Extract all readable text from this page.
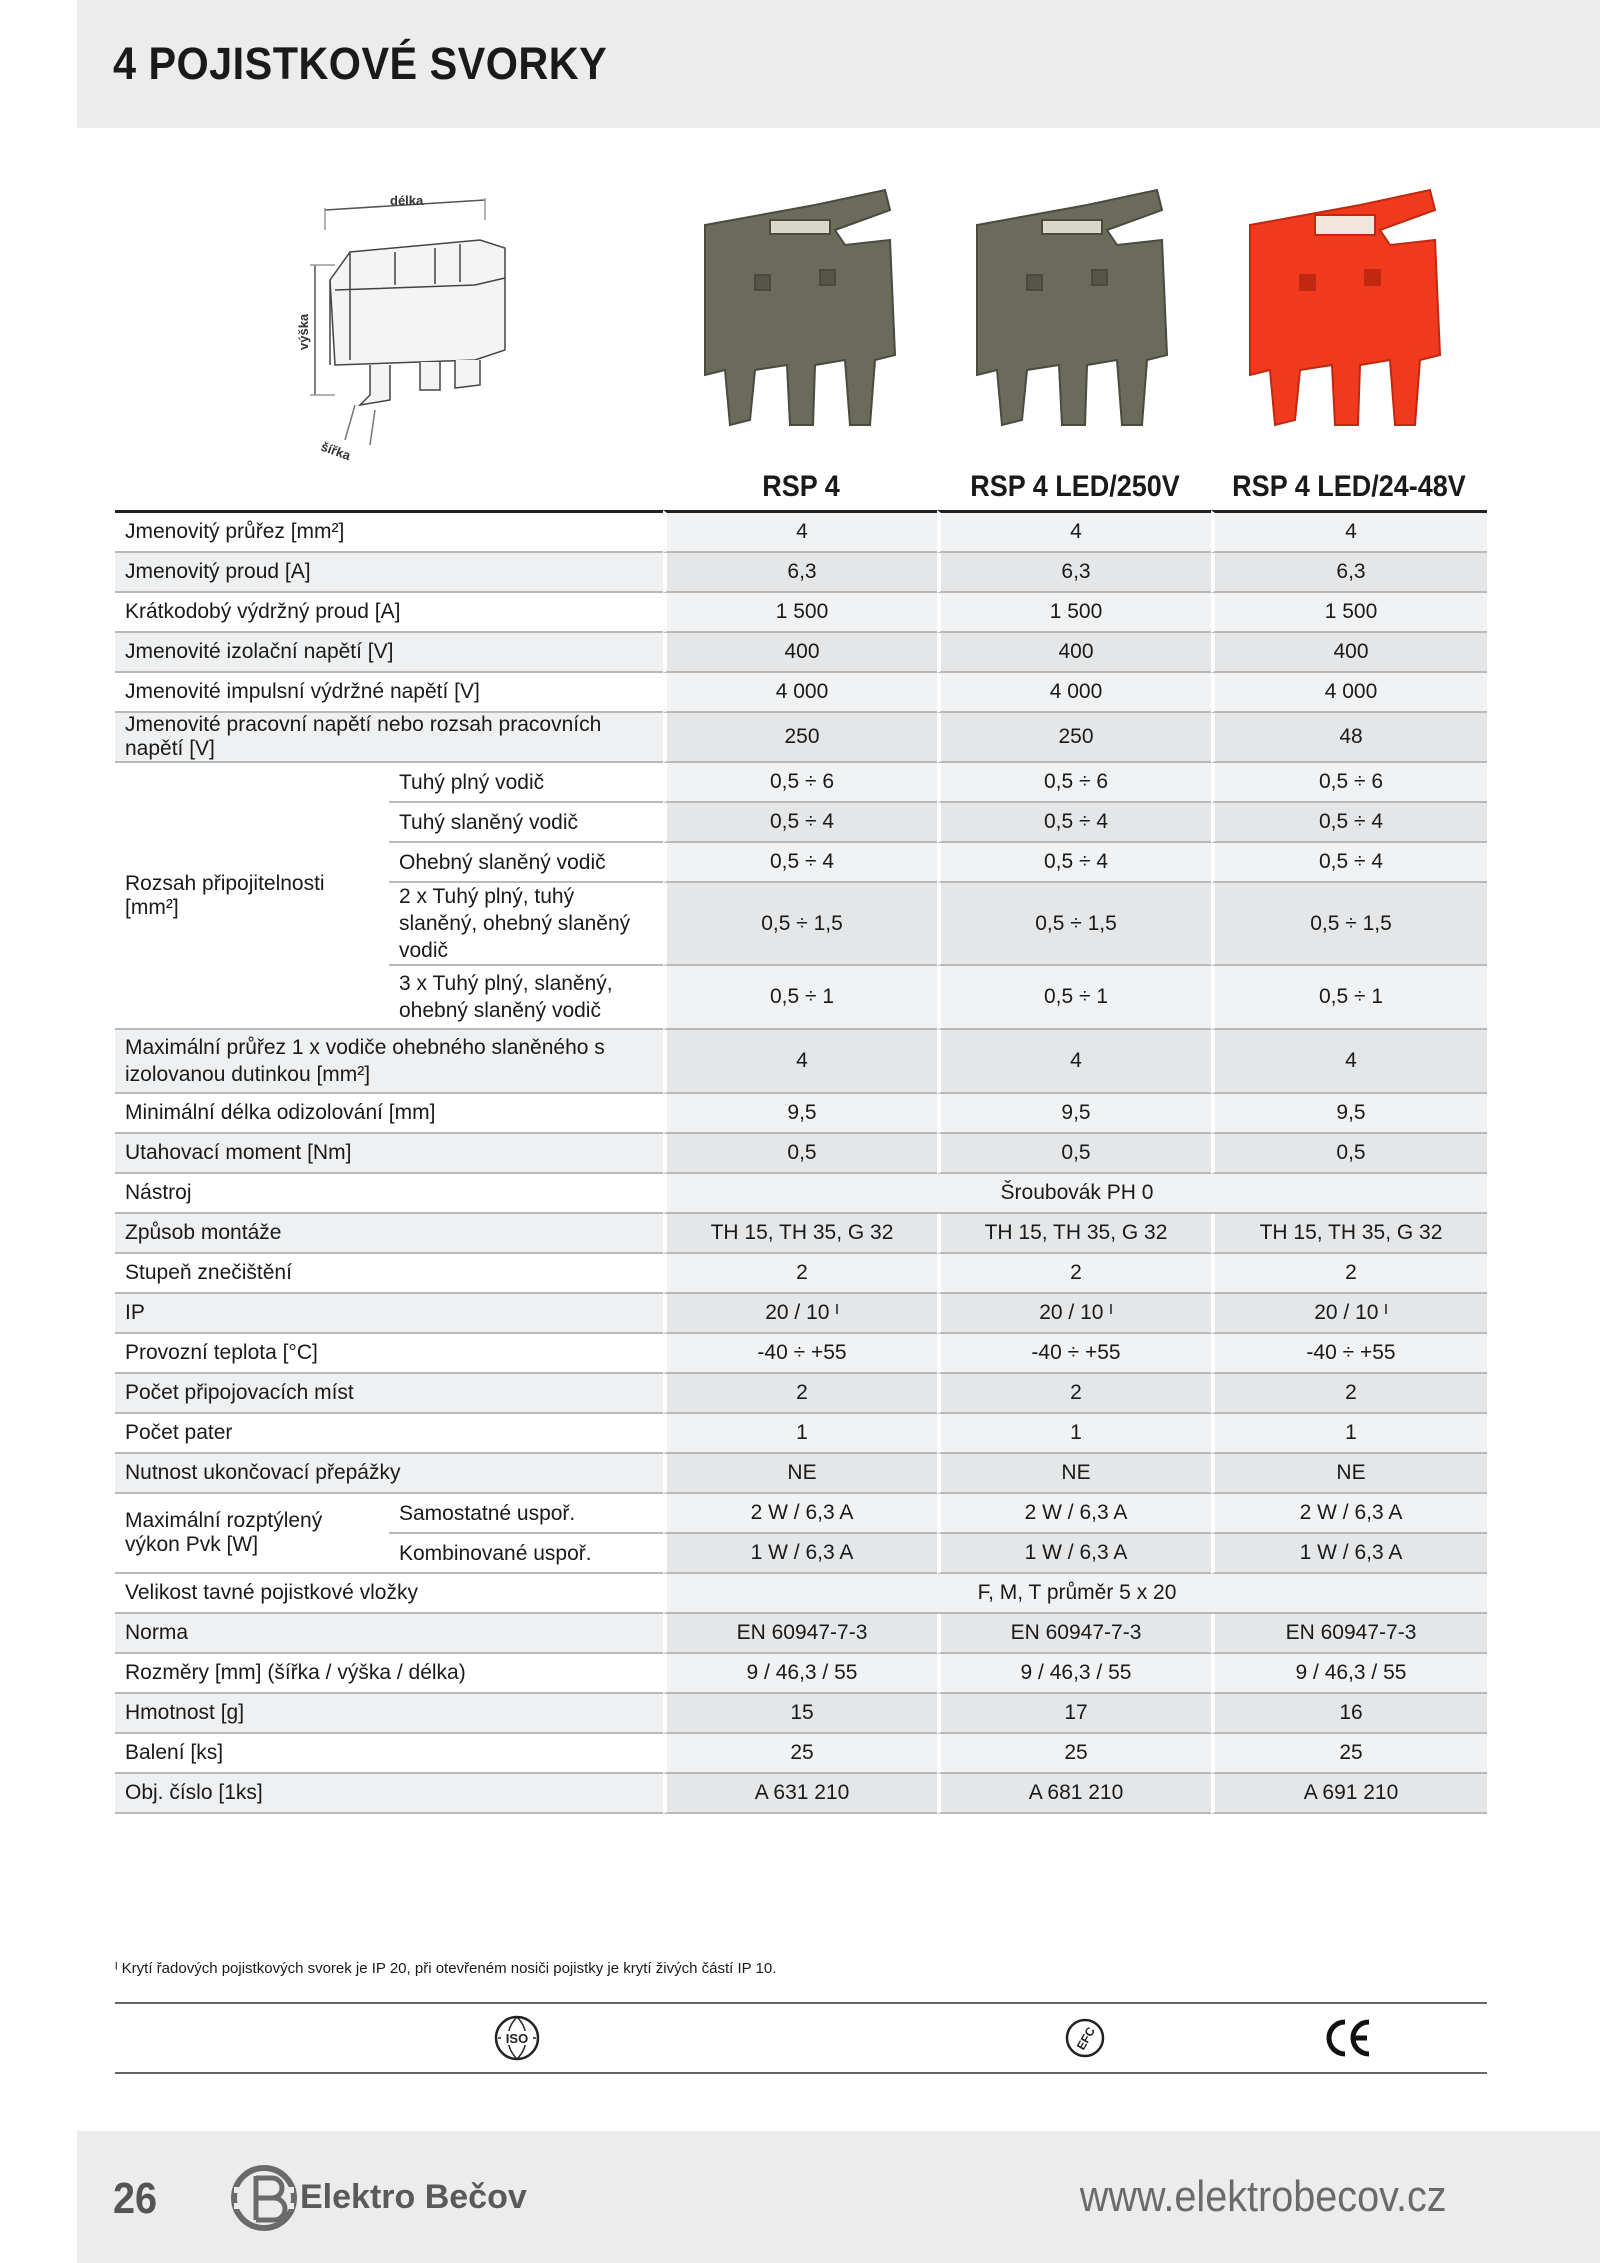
4 POJISTKOVÉ SVORKY
délka
výška
šířka
RSP 4	RSP 4 LED/250V	RSP 4 LED/24-48V
Jmenovitý průřez [mm²]		4	4	4
Jmenovitý proud [A]		6,3	6,3	6,3
Krátkodobý výdržný proud [A]		1 500	1 500	1 500
Jmenovité izolační napětí [V]		400	400	400
Jmenovité impulsní výdržné napětí [V]		4 000	4 000	4 000
Jmenovité pracovní napětí nebo rozsah pracovních napětí [V]		250	250	48
Rozsah připojitelnosti [mm²]	Tuhý plný vodič	0,5 ÷ 6	0,5 ÷ 6	0,5 ÷ 6
	Tuhý slaněný vodič	0,5 ÷ 4	0,5 ÷ 4	0,5 ÷ 4
	Ohebný slaněný vodič	0,5 ÷ 4	0,5 ÷ 4	0,5 ÷ 4
	2 x Tuhý plný, tuhý slaněný, ohebný slaněný vodič	0,5 ÷ 1,5	0,5 ÷ 1,5	0,5 ÷ 1,5
	3 x Tuhý plný, slaněný, ohebný slaněný vodič	0,5 ÷ 1	0,5 ÷ 1	0,5 ÷ 1
Maximální průřez 1 x vodiče ohebného slaněného s izolovanou dutinkou [mm²]		4	4	4
Minimální délka odizolování [mm]		9,5	9,5	9,5
Utahovací moment [Nm]		0,5	0,5	0,5
Nástroj		Šroubovák PH 0		
Způsob montáže		TH 15, TH 35, G 32	TH 15, TH 35, G 32	TH 15, TH 35, G 32
Stupeň znečištění		2	2	2
IP		20 / 10 ᴵ	20 / 10 ᴵ	20 / 10 ᴵ
Provozní teplota [°C]		-40 ÷ +55	-40 ÷ +55	-40 ÷ +55
Počet připojovacích míst		2	2	2
Počet pater		1	1	1
Nutnost ukončovací přepážky		NE	NE	NE
Maximální rozptýlený výkon Pvk [W]	Samostatné uspoř.	2 W / 6,3 A	2 W / 6,3 A	2 W / 6,3 A
	Kombinované uspoř.	1 W / 6,3 A	1 W / 6,3 A	1 W / 6,3 A
Velikost tavné pojistkové vložky		F, M, T průměr 5 x 20		
Norma		EN 60947-7-3	EN 60947-7-3	EN 60947-7-3
Rozměry [mm] (šířka / výška / délka)		9 / 46,3 / 55	9 / 46,3 / 55	9 / 46,3 / 55
Hmotnost [g]		15	17	16
Balení [ks]		25	25	25
Obj. číslo [1ks]		A 631 210	A 681 210	A 691 210
ᴵ Krytí řadových pojistkových svorek je IP 20, při otevřeném nosiči pojistky je krytí živých částí IP 10.
ISO	EFC
26	Elektro Bečov	www.elektrobecov.cz
